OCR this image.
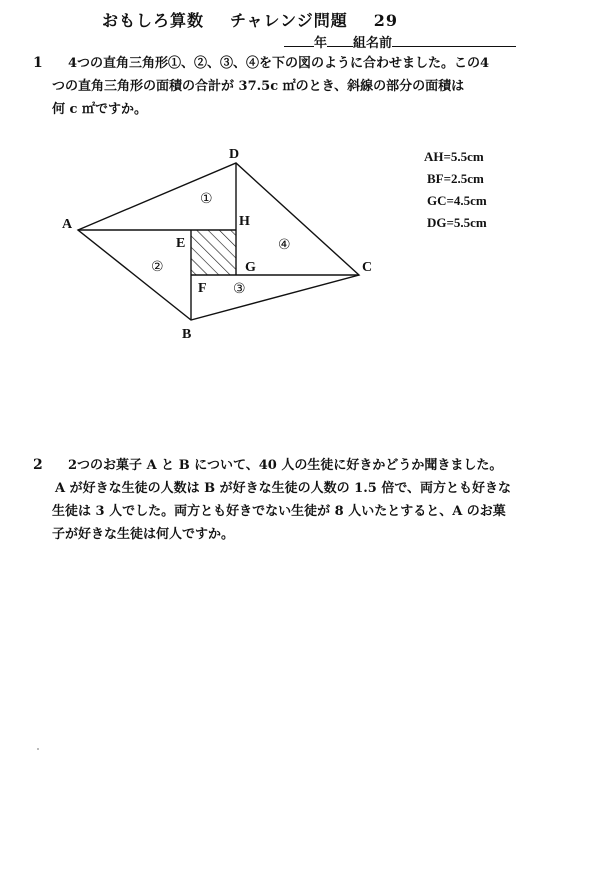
おもしろ算数 チャレンジ問題 29
年 組名前
1	4つの直角三角形①、②、③、④を下の図のように合わせました。この4
つの直角三角形の面積の合計が 37.5c ㎡のとき、斜線の部分の面積は
何 c ㎡ですか。
D
A
E
H
G	C
F
B
①
②
③
④
AH=5.5cm
BF=2.5cm
GC=4.5cm
DG=5.5cm
2	2つのお菓子 A と B について、40 人の生徒に好きかどうか聞きました。
A が好きな生徒の人数は B が好きな生徒の人数の 1.5 倍で、両方とも好きな
生徒は 3 人でした。両方とも好きでない生徒が 8 人いたとすると、A のお菓
子が好きな生徒は何人ですか。
